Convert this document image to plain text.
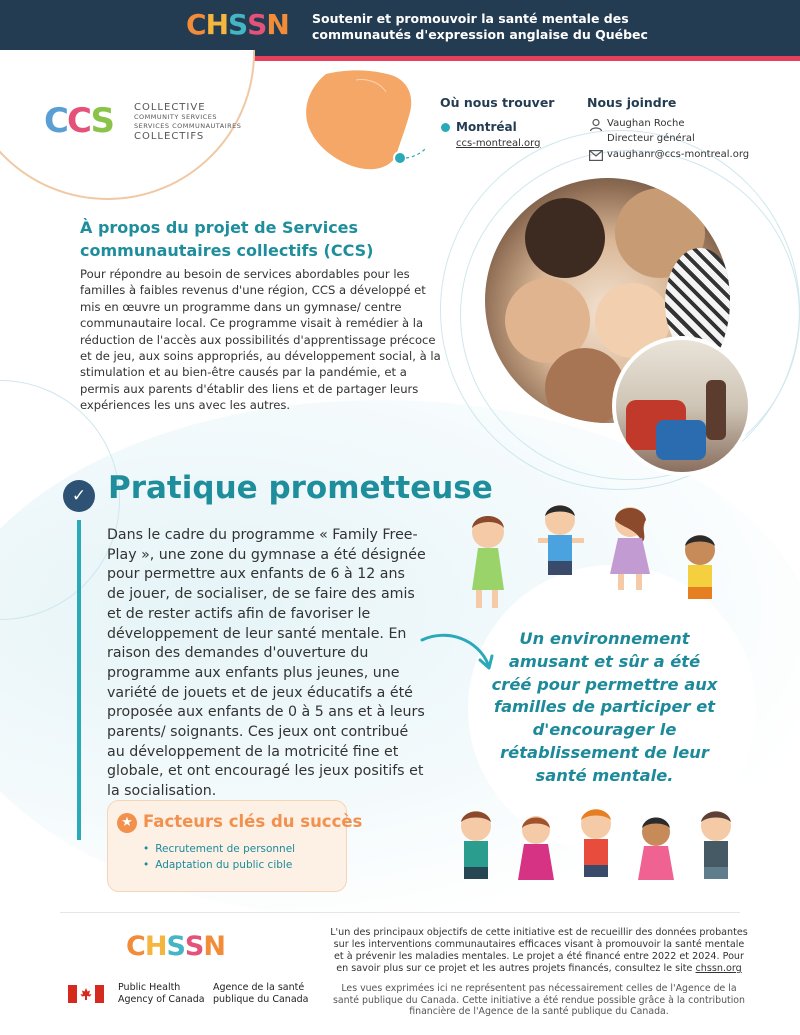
CHSSN Soutenir et promouvoir la santé mentale des communautés d'expression anglaise du Québec
CCS COLLECTIVE
COMMUNITY SERVICES
SERVICES COMMUNAUTAIRES
COLLECTIFS
Où nous trouver
Montréal
ccs-montreal.org
Nous joindre
Vaughan Roche
Directeur général
vaughanr@ccs-montreal.org
À propos du projet de Services communautaires collectifs (CCS)
Pour répondre au besoin de services abordables pour les familles à faibles revenus d'une région, CCS a développé et mis en œuvre un programme dans un gymnase/ centre communautaire local. Ce programme visait à remédier à la réduction de l'accès aux possibilités d'apprentissage précoce et de jeu, aux soins appropriés, au développement social, à la stimulation et au bien-être causés par la pandémie, et a permis aux parents d'établir des liens et de partager leurs expériences les uns avec les autres.
✓ Pratique prometteuse
Dans le cadre du programme « Family Free-Play », une zone du gymnase a été désignée pour permettre aux enfants de 6 à 12 ans de jouer, de socialiser, de se faire des amis et de rester actifs afin de favoriser le développement de leur santé mentale. En raison des demandes d'ouverture du programme aux enfants plus jeunes, une variété de jouets et de jeux éducatifs a été proposée aux enfants de 0 à 5 ans et à leurs parents/ soignants. Ces jeux ont contribué au développement de la motricité fine et globale, et ont encouragé les jeux positifs et la socialisation.
Un environnement amusant et sûr a été créé pour permettre aux familles de participer et d'encourager le rétablissement de leur santé mentale.
★ Facteurs clés du succès
• Recrutement de personnel
• Adaptation du public cible
CHSSN
Public Health
Agency of Canada
Agence de la santé
publique du Canada
L'un des principaux objectifs de cette initiative est de recueillir des données probantes sur les interventions communautaires efficaces visant à promouvoir la santé mentale et à prévenir les maladies mentales. Le projet a été financé entre 2022 et 2024. Pour en savoir plus sur ce projet et les autres projets financés, consultez le site chssn.org
Les vues exprimées ici ne représentent pas nécessairement celles de l'Agence de la santé publique du Canada. Cette initiative a été rendue possible grâce à la contribution financière de l'Agence de la santé publique du Canada.
